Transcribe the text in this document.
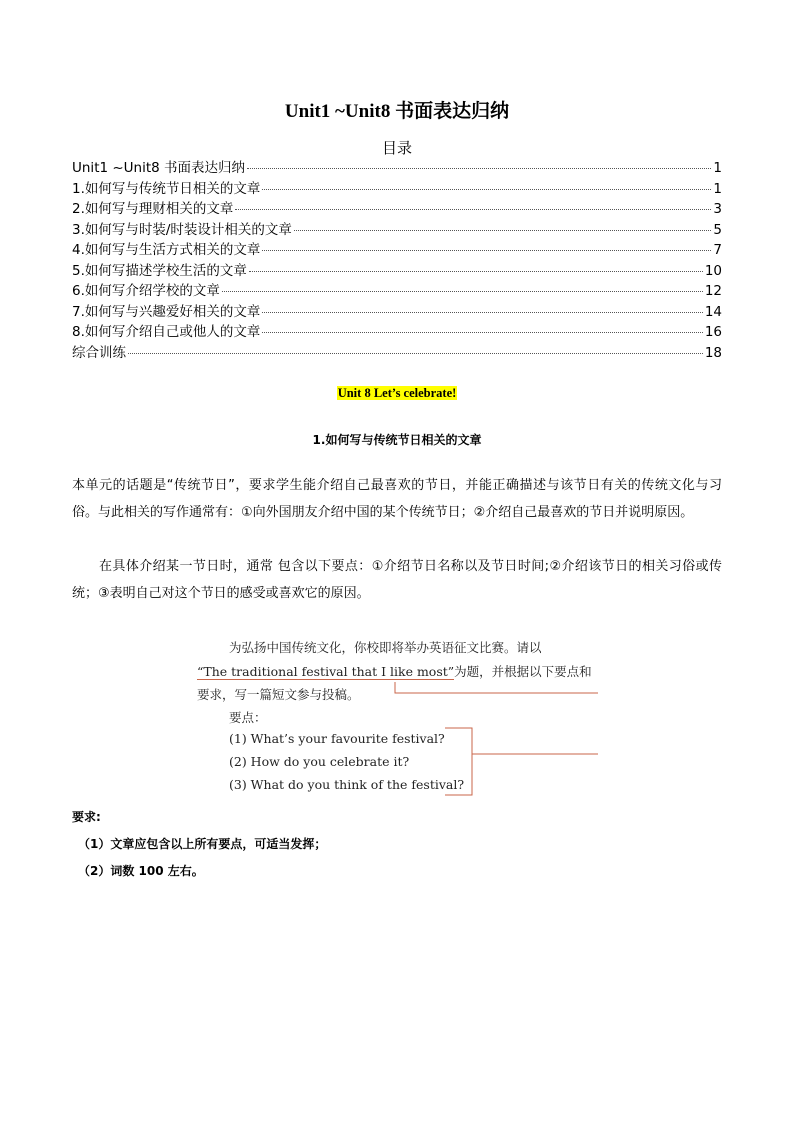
Unit1 ~Unit8 书面表达归纳
目录
Unit1 ~Unit8 书面表达归纳	1
1.如何写与传统节日相关的文章	1
2.如何写与理财相关的文章	3
3.如何写与时装/时装设计相关的文章	5
4.如何写与生活方式相关的文章	7
5.如何写描述学校生活的文章	10
6.如何写介绍学校的文章	12
7.如何写与兴趣爱好相关的文章	14
8.如何写介绍自己或他人的文章	16
综合训练	18
Unit 8 Let’s celebrate!
1.如何写与传统节日相关的文章
本单元的话题是“传统节日”，要求学生能介绍自己最喜欢的节日，并能正确描述与该节日有关的传统文化与习俗。与此相关的写作通常有：①向外国朋友介绍中国的某个传统节日；②介绍自己最喜欢的节日并说明原因。
在具体介绍某一节日时，通常 包含以下要点：①介绍节日名称以及节日时间;②介绍该节日的相关习俗或传统；③表明自己对这个节日的感受或喜欢它的原因。
为弘扬中国传统文化，你校即将举办英语征文比赛。请以
“The traditional festival that I like most”为题，并根据以下要点和
要求，写一篇短文参与投稿。
要点：
(1) What’s your favourite festival?
(2) How do you celebrate it?
(3) What do you think of the festival?
要求:
（1）文章应包含以上所有要点，可适当发挥；
（2）词数 100 左右。
